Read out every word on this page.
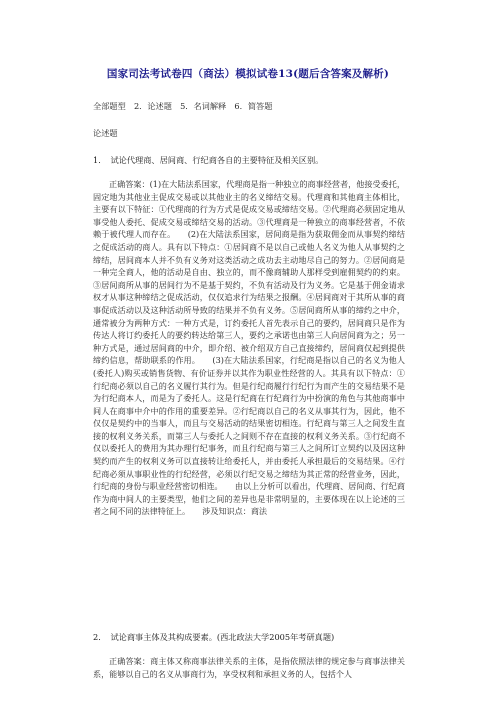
国家司法考试卷四（商法）模拟试卷13(题后含答案及解析)
全部题型　2．论述题　5．名词解释　6．简答题
论述题
1．　试论代理商、居间商、行纪商各自的主要特征及相关区别。

正确答案：(1)在大陆法系国家，代理商是指一种独立的商事经营者，他接受委托，固定地为其他业主促成交易或以其他业主的名义缔结交易。代理商和其他商主体相比，主要有以下特征：①代理商的行为方式是促成交易或缔结交易。②代理商必须固定地从事受他人委托、促成交易或缔结交易的活动。③代理商是一种独立的商事经营者，不依赖于被代理人而存在。　　(2)在大陆法系国家，居间商是指为获取佣金而从事契约缔结之促成活动的商人。具有以下特点：①居间商不是以自己或他人名义为他人从事契约之缔结，居间商本人并不负有义务对这类活动之成功去主动地尽自己的努力。②居间商是一种完全商人，他的活动是自由、独立的，而不像商辅助人那样受到雇佣契约的约束。③居间商所从事的居间行为不是基于契约，不负有活动及行为义务。它是基于佣金请求权才从事这种缔结之促成活动，仅仅追求行为结果之报酬。④居间商对于其所从事的商事促成活动以及这种活动所导致的结果并不负有义务。⑤居间商所从事的缔约之中介，通常被分为两种方式：一种方式是，订约委托人首先表示自己的要约，居间商只是作为传达人将订约委托人的要约转达给第三人，要约之承诺也由第三人向居间商为之；另一种方式是，通过居间商的中介，即介绍、被介绍双方自己直接缔约，居间商仅起到提供缔约信息，帮助联系的作用。　　(3)在大陆法系国家，行纪商是指以自己的名义为他人(委托人)购买或销售货物、有价证券并以其作为职业性经营的人。其具有以下特点：①行纪商必须以自己的名义履行其行为。但是行纪商履行行纪行为而产生的交易结果不是为行纪商本人，而是为了委托人。这是行纪商在行纪商行为中扮演的角色与其他商事中间人在商事中介中的作用的重要差异。②行纪商以自己的名义从事其行为，因此，他不仅仅是契约中的当事人，而且与交易活动的结果密切相连。行纪商与第三人之间发生直接的权利义务关系，而第三人与委托人之间则不存在直接的权利义务关系。③行纪商不仅以委托人的费用为其办理行纪事务，而且行纪商与第三人之间所订立契约以及因这种契约而产生的权利义务可以直接转让给委托人，并由委托人承担最后的交易结果。④行纪商必须从事职业性的行纪经营，必须以行纪交易之缔结为其正常的经营业务，因此，行纪商的身份与职业经营密切相连。　　由以上分析可以看出，代理商、居间商、行纪商作为商中间人的主要类型，他们之间的差异也是非常明显的，主要体现在以上论述的三者之间不同的法律特征上。　　涉及知识点：商法

2．　试论商事主体及其构成要素。(西北政法大学2005年考研真题)

正确答案：商主体又称商事法律关系的主体，是指依照法律的规定参与商事法律关系，能够以自己的名义从事商行为，享受权利和承担义务的人，包括个人
